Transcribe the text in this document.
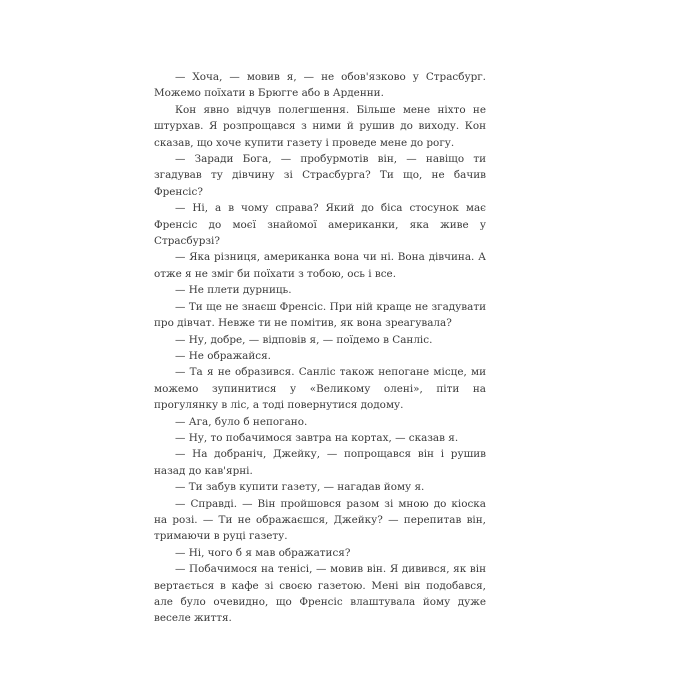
— Хоча, — мовив я, — не обов'язково у Страсбург. Можемо поїхати в Брюгге або в Арденни.

Кон явно відчув полегшення. Більше мене ніхто не штурхав. Я розпрощався з ними й рушив до виходу. Кон сказав, що хоче купити газету і проведе мене до рогу.

— Заради Бога, — пробурмотів він, — навіщо ти згадував ту дівчину зі Страсбурга? Ти що, не бачив Френсіс?

— Ні, а в чому справа? Який до біса стосунок має Френсіс до моєї знайомої американки, яка живе у Страсбурзі?

— Яка різниця, американка вона чи ні. Вона дівчина. А отже я не зміг би поїхати з тобою, ось і все.

— Не плети дурниць.

— Ти ще не знаєш Френсіс. При ній краще не згадувати про дівчат. Невже ти не помітив, як вона зреагувала?

— Ну, добре, — відповів я, — поїдемо в Санліс.

— Не ображайся.

— Та я не образився. Санліс також непогане місце, ми можемо зупинитися у «Великому олені», піти на прогулянку в ліс, а тоді повернутися додому.

— Ага, було б непогано.

— Ну, то побачимося завтра на кортах, — сказав я.

— На добраніч, Джейку, — попрощався він і рушив назад до кав'ярні.

— Ти забув купити газету, — нагадав йому я.

— Справді. — Він пройшовся разом зі мною до кіоска на розі. — Ти не ображаєшся, Джейку? — перепитав він, тримаючи в руці газету.

— Ні, чого б я мав ображатися?

— Побачимося на тенісі, — мовив він. Я дивився, як він вертається в кафе зі своєю газетою. Мені він подобався, але було очевидно, що Френсіс влаштувала йому дуже веселе життя.
